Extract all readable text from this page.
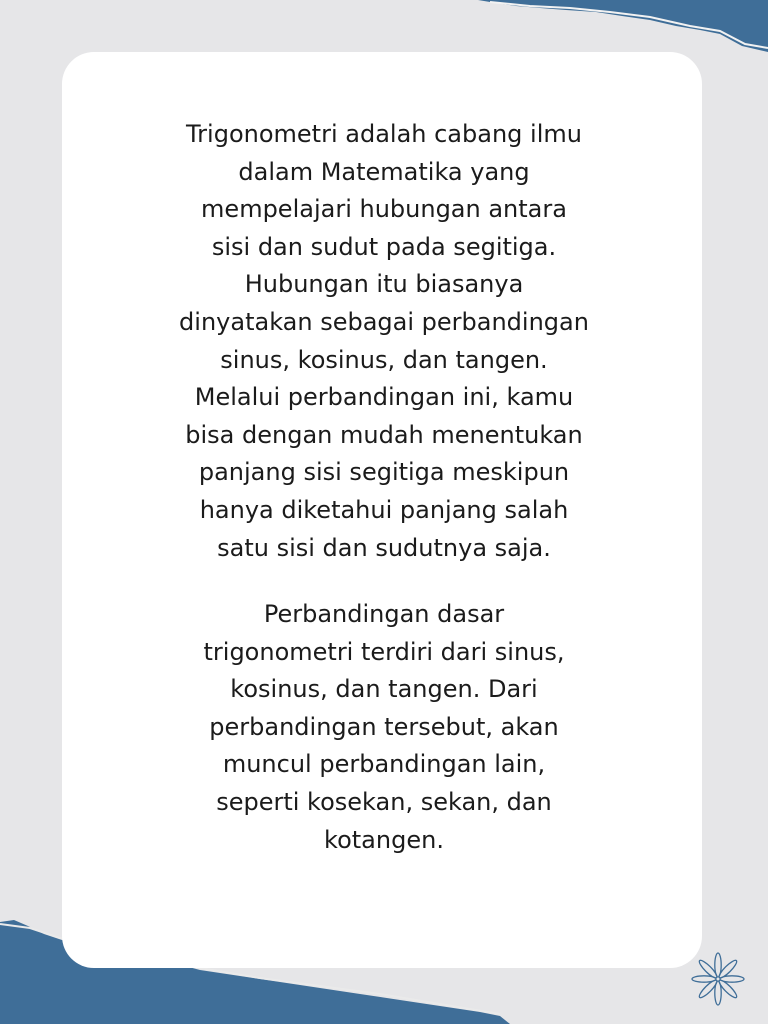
Trigonometri adalah cabang ilmu
dalam Matematika yang
mempelajari hubungan antara
sisi dan sudut pada segitiga.
Hubungan itu biasanya
dinyatakan sebagai perbandingan
sinus, kosinus, dan tangen.
Melalui perbandingan ini, kamu
bisa dengan mudah menentukan
panjang sisi segitiga meskipun
hanya diketahui panjang salah
satu sisi dan sudutnya saja.

Perbandingan dasar
trigonometri terdiri dari sinus,
kosinus, dan tangen. Dari
perbandingan tersebut, akan
muncul perbandingan lain,
seperti kosekan, sekan, dan
kotangen.
